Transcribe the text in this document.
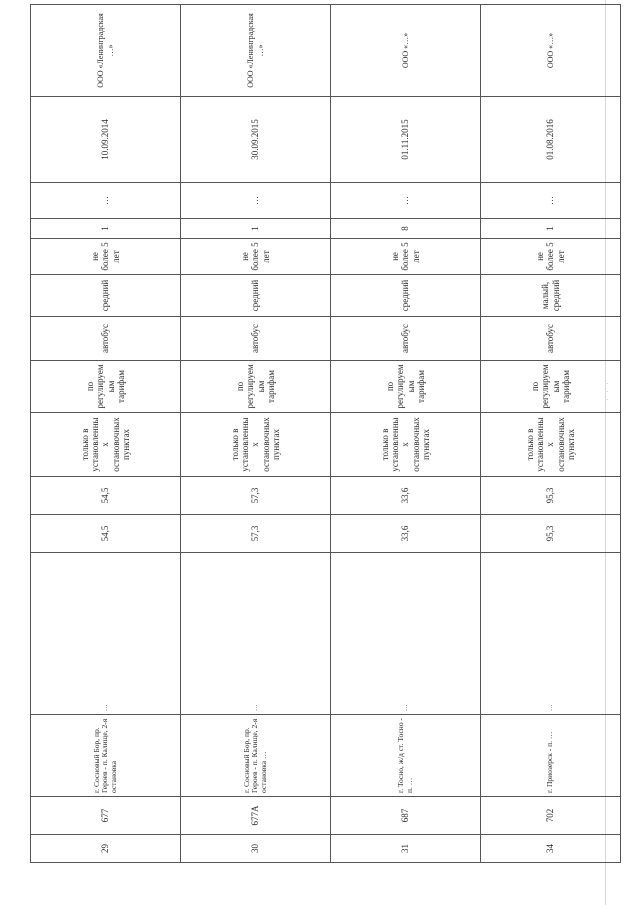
·
·
·
29	677	г. Сосновый Бор, пр. Героев - п. Калище, 2-я остановка	…	54,5	54,5	только в установленных остановочных пунктах	по регулируемым тарифам	автобус	средний	не более 5 лет	1	…	10.09.2014	ООО «Ленинградская …»
30	677А	г. Сосновый Бор, пр. Героев - п. Калище, 2-я остановка …	…	57,3	57,3	только в установленных остановочных пунктах	по регулируемым тарифам	автобус	средний	не более 5 лет	1	…	30.09.2015	ООО «Ленинградская …»
31	687	г. Тосно, ж/д ст. Тосно - п. …	…	33,6	33,6	только в установленных остановочных пунктах	по регулируемым тарифам	автобус	средний	не более 5 лет	8	…	01.11.2015	ООО «…»
34	702	г. Приозерск - п. …	…	95,3	95,3	только в установленных остановочных пунктах	по регулируемым тарифам	автобус	малый, средний	не более 5 лет	1	…	01.08.2016	ООО «…»
